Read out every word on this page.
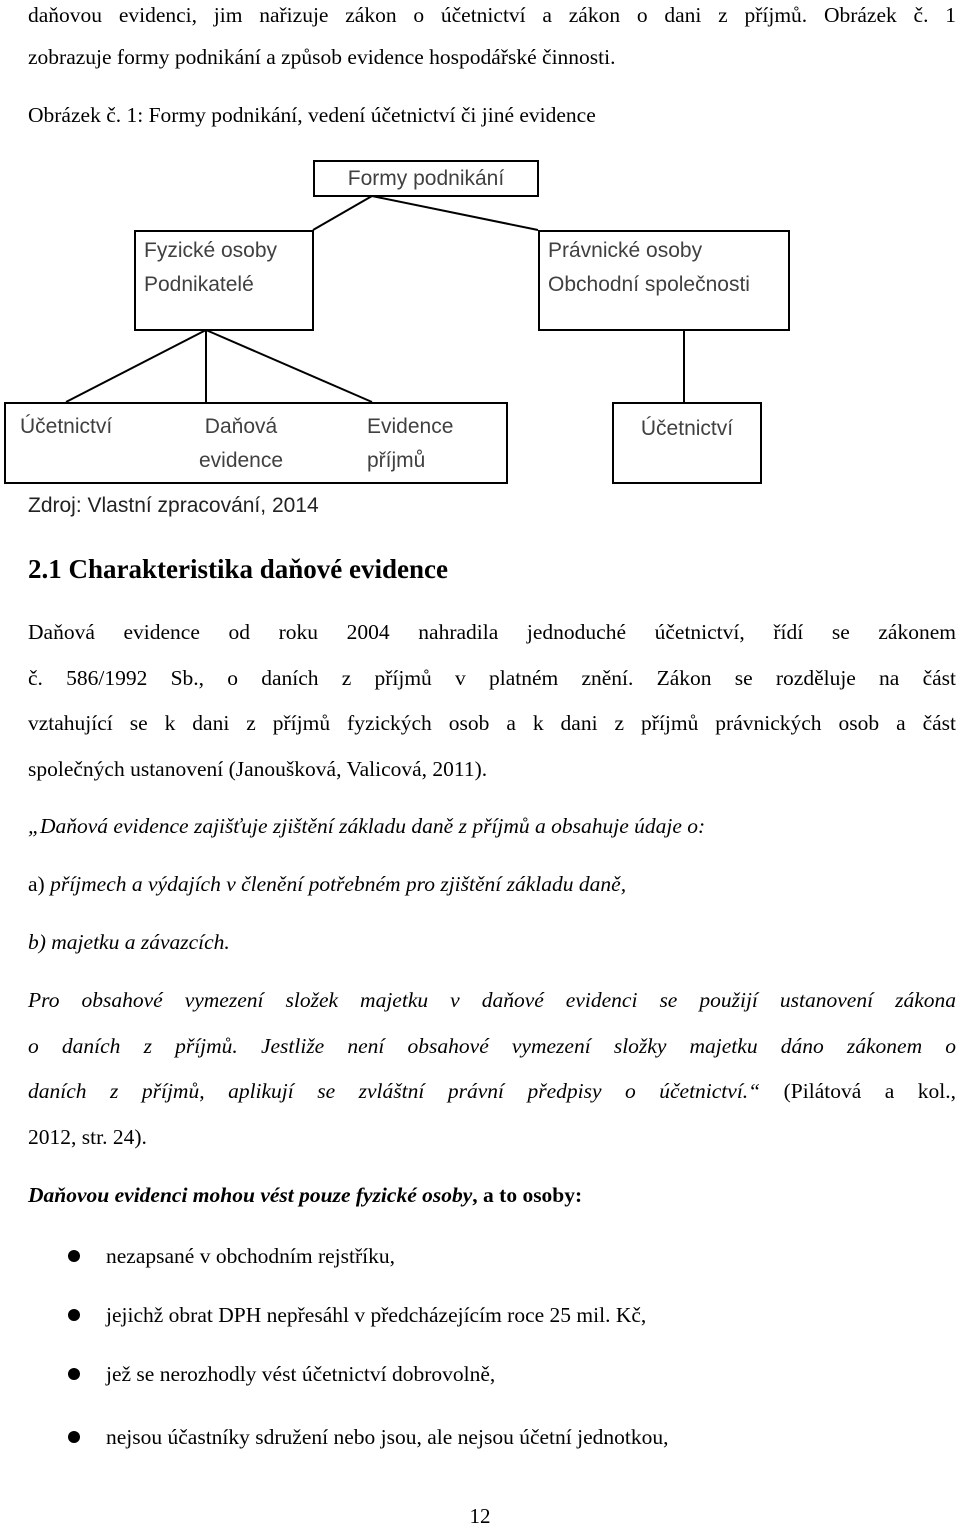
daňovou evidenci, jim nařizuje zákon o účetnictví a zákon o dani z příjmů. Obrázek č. 1
zobrazuje formy podnikání a způsob evidence hospodářské činnosti.
Obrázek č. 1: Formy podnikání, vedení účetnictví či jiné evidence
Formy podnikání
Fyzické osoby
Podnikatelé
Právnické osoby
Obchodní společnosti
Účetnictví	Daňová
evidence
Evidence
příjmů
Účetnictví
Zdroj: Vlastní zpracování, 2014
2.1 Charakteristika daňové evidence
Daňová evidence od roku 2004 nahradila jednoduché účetnictví, řídí se zákonem
č. 586/1992 Sb., o daních z příjmů v platném znění. Zákon se rozděluje na část
vztahující se k dani z příjmů fyzických osob a k dani z příjmů právnických osob a část
společných ustanovení (Janoušková, Valicová, 2011).
„Daňová evidence zajišťuje zjištění základu daně z příjmů a obsahuje údaje o:
a) příjmech a výdajích v členění potřebném pro zjištění základu daně,
b) majetku a závazcích.
Pro obsahové vymezení složek majetku v daňové evidenci se použijí ustanovení zákona
o daních z příjmů. Jestliže není obsahové vymezení složky majetku dáno zákonem o
daních z příjmů, aplikují se zvláštní právní předpisy o účetnictví.“ (Pilátová a kol.,
2012, str. 24).
Daňovou evidenci mohou vést pouze fyzické osoby, a to osoby:
nezapsané v obchodním rejstříku,
jejichž obrat DPH nepřesáhl v předcházejícím roce 25 mil. Kč,
jež se nerozhodly vést účetnictví dobrovolně,
nejsou účastníky sdružení nebo jsou, ale nejsou účetní jednotkou,
12
